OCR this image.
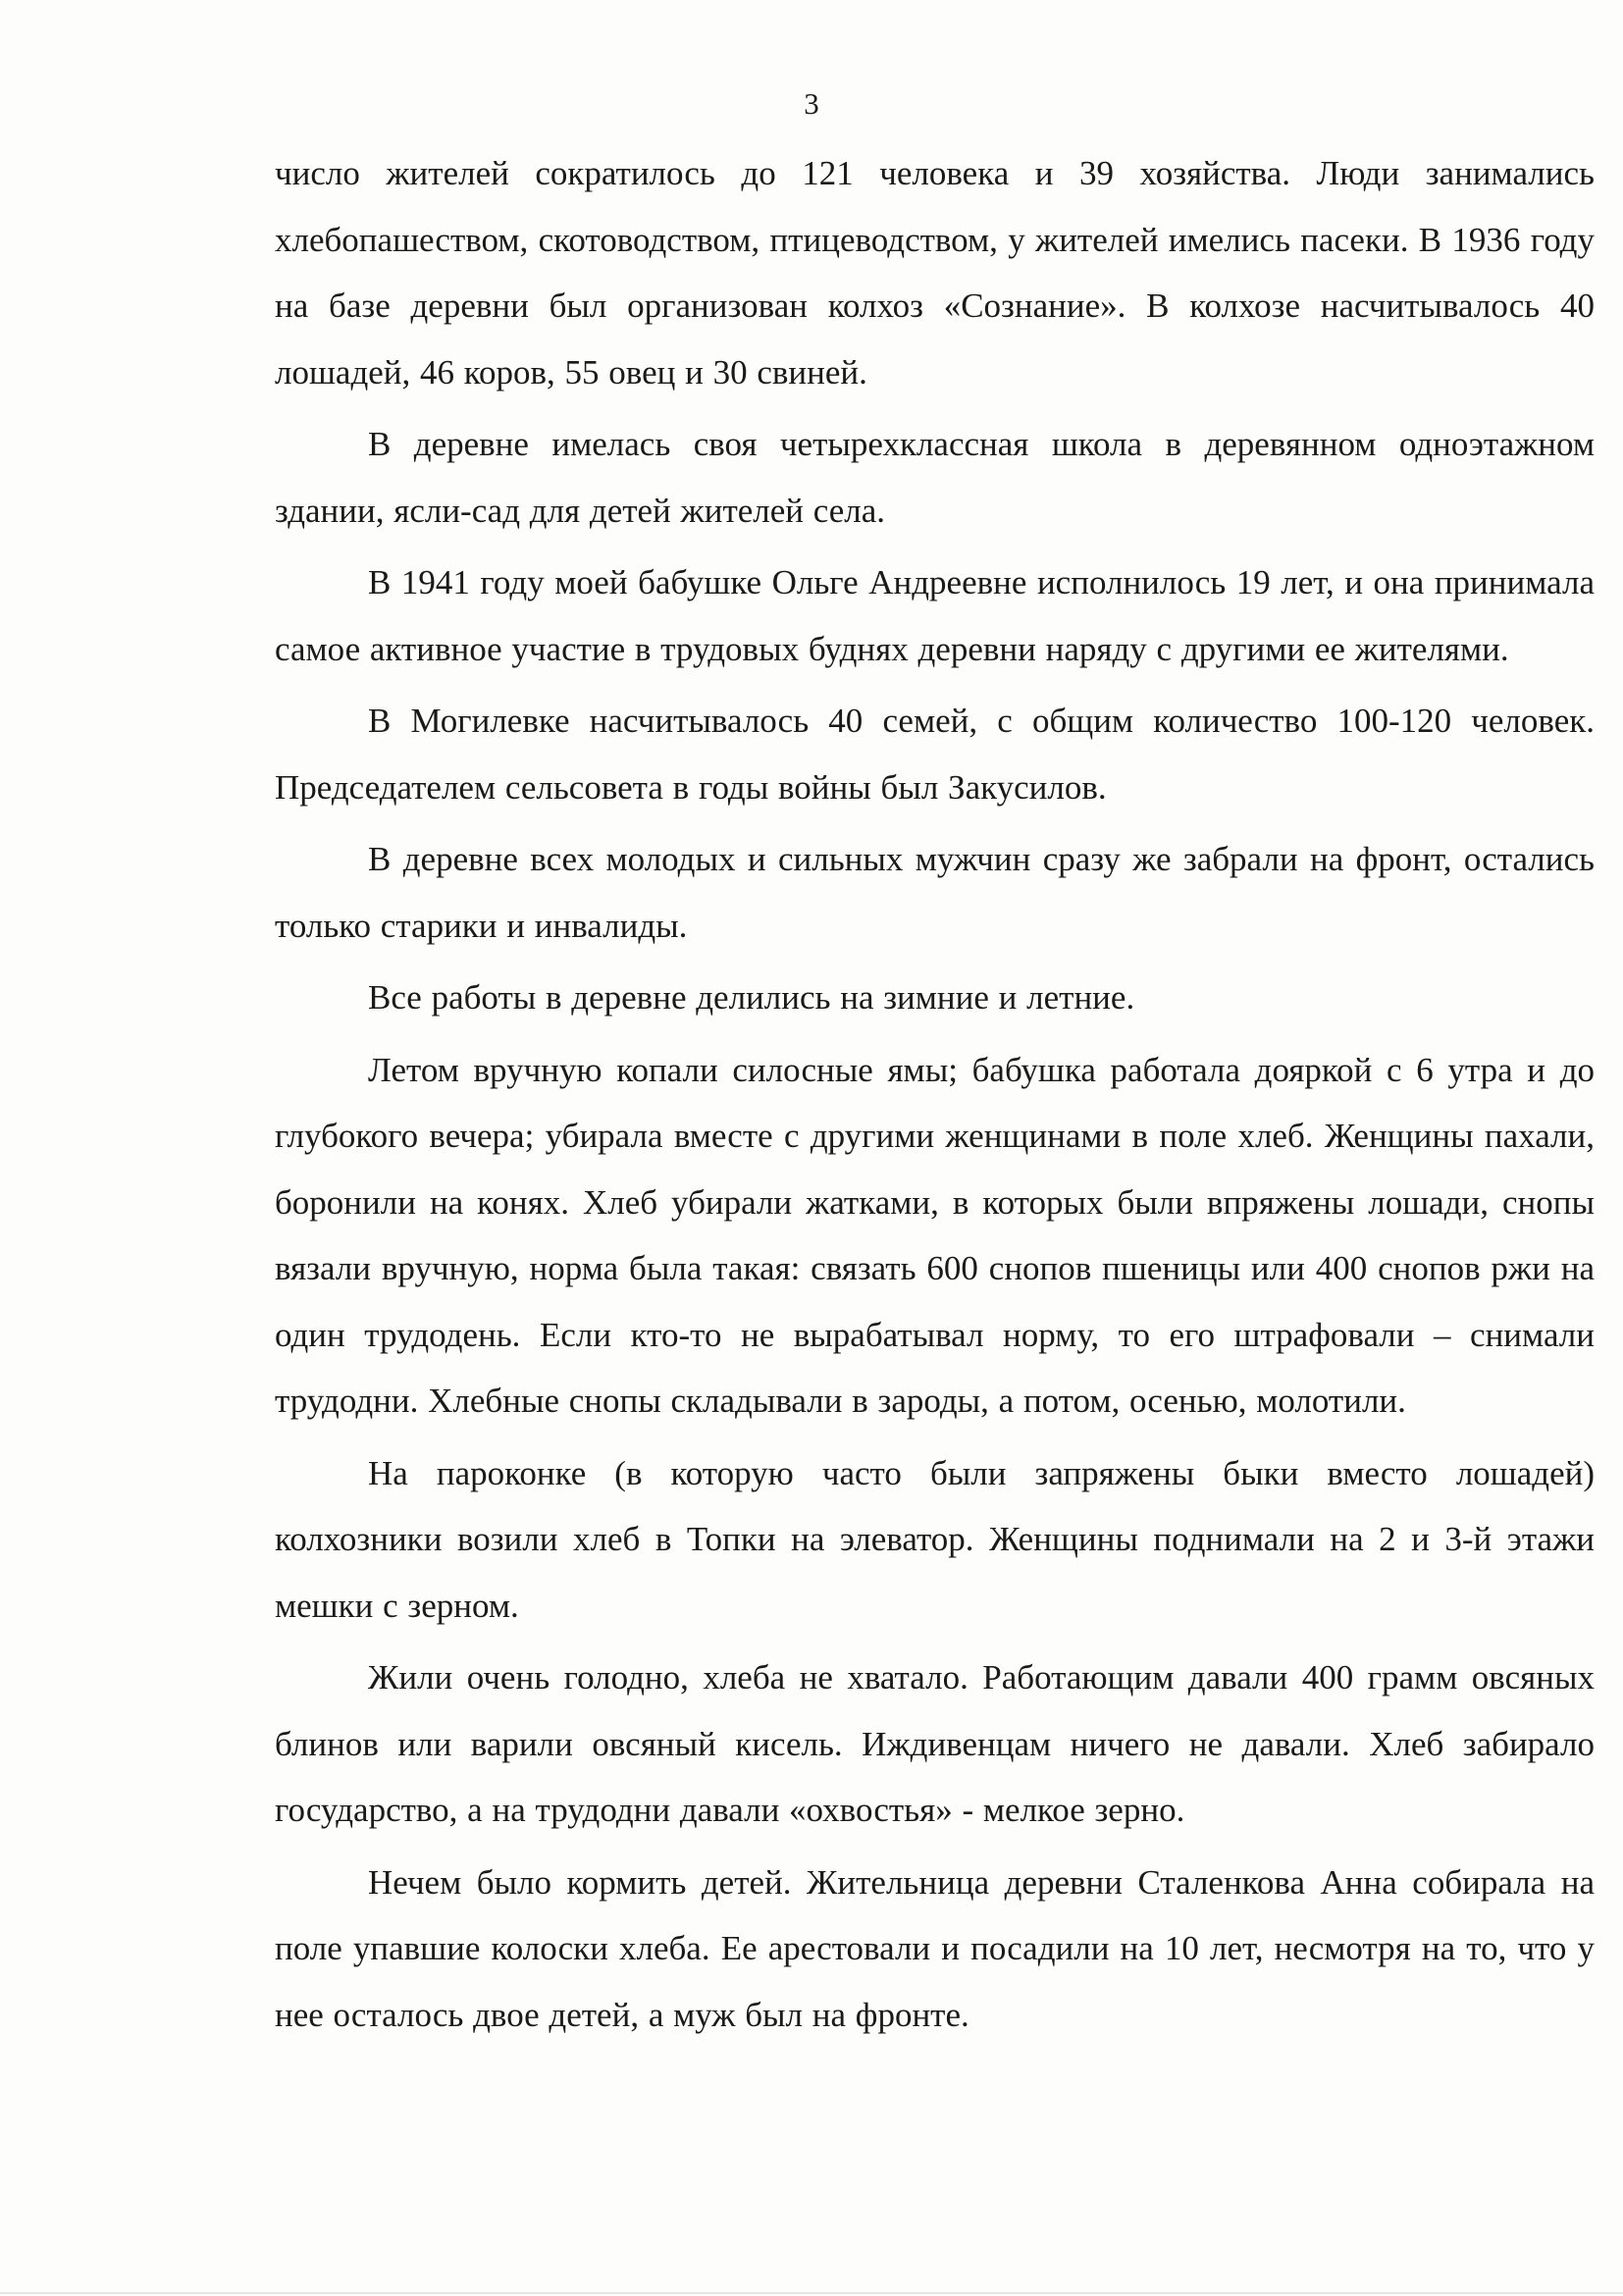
3

число жителей сократилось до 121 человека и 39 хозяйства. Люди занимались хлебопашеством, скотоводством, птицеводством, у жителей имелись пасеки. В 1936 году на базе деревни был организован колхоз «Сознание». В колхозе насчитывалось 40 лошадей, 46 коров, 55 овец и 30 свиней.

В деревне имелась своя четырехклассная школа в деревянном одноэтажном здании, ясли-сад для детей жителей села.

В 1941 году моей бабушке Ольге Андреевне исполнилось 19 лет, и она принимала самое активное участие в трудовых буднях деревни наряду с другими ее жителями.

В Могилевке насчитывалось 40 семей, с общим количество 100-120 человек. Председателем сельсовета в годы войны был Закусилов.

В деревне всех молодых и сильных мужчин сразу же забрали на фронт, остались только старики и инвалиды.

Все работы в деревне делились на зимние и летние.

Летом вручную копали силосные ямы; бабушка работала дояркой с 6 утра и до глубокого вечера; убирала вместе с другими женщинами в поле хлеб. Женщины пахали, боронили на конях. Хлеб убирали жатками, в которых были впряжены лошади, снопы вязали вручную, норма была такая: связать 600 снопов пшеницы или 400 снопов ржи на один трудодень. Если кто-то не вырабатывал норму, то его штрафовали – снимали трудодни. Хлебные снопы складывали в зароды, а потом, осенью, молотили.

На пароконке (в которую часто были запряжены быки вместо лошадей) колхозники возили хлеб в Топки на элеватор. Женщины поднимали на 2 и 3-й этажи мешки с зерном.

Жили очень голодно, хлеба не хватало. Работающим давали 400 грамм овсяных блинов или варили овсяный кисель. Иждивенцам ничего не давали. Хлеб забирало государство, а на трудодни давали «охвостья» - мелкое зерно.

Нечем было кормить детей. Жительница деревни Сталенкова Анна собирала на поле упавшие колоски хлеба. Ее арестовали и посадили на 10 лет, несмотря на то, что у нее осталось двое детей, а муж был на фронте.
